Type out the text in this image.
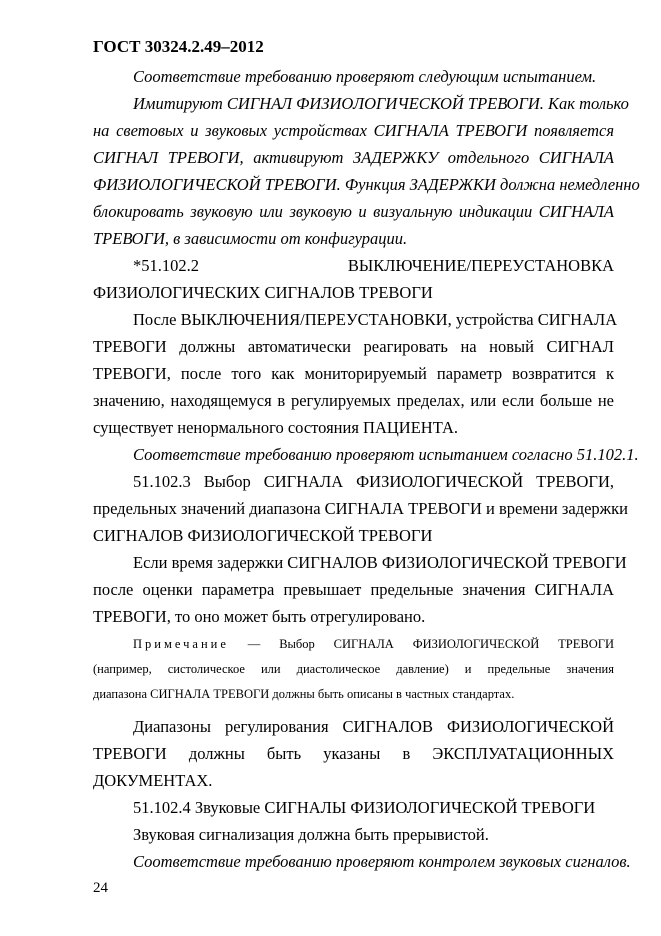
ГОСТ 30324.2.49–2012
Соответствие требованию проверяют следующим испытанием.
Имитируют СИГНАЛ ФИЗИОЛОГИЧЕСКОЙ ТРЕВОГИ. Как только
на световых и звуковых устройствах СИГНАЛА ТРЕВОГИ появляется
СИГНАЛ ТРЕВОГИ, активируют ЗАДЕРЖКУ отдельного СИГНАЛА
ФИЗИОЛОГИЧЕСКОЙ ТРЕВОГИ. Функция ЗАДЕРЖКИ должна немедленно
блокировать звуковую или звуковую и визуальную индикации СИГНАЛА
ТРЕВОГИ, в зависимости от конфигурации.
*51.102.2 ВЫКЛЮЧЕНИЕ/ПЕРЕУСТАНОВКА
ФИЗИОЛОГИЧЕСКИХ СИГНАЛОВ ТРЕВОГИ
После ВЫКЛЮЧЕНИЯ/ПЕРЕУСТАНОВКИ, устройства СИГНАЛА
ТРЕВОГИ должны автоматически реагировать на новый СИГНАЛ
ТРЕВОГИ, после того как мониторируемый параметр возвратится к
значению, находящемуся в регулируемых пределах, или если больше не
существует ненормального состояния ПАЦИЕНТА.
Соответствие требованию проверяют испытанием согласно 51.102.1.
51.102.3 Выбор СИГНАЛА ФИЗИОЛОГИЧЕСКОЙ ТРЕВОГИ,
предельных значений диапазона СИГНАЛА ТРЕВОГИ и времени задержки
СИГНАЛОВ ФИЗИОЛОГИЧЕСКОЙ ТРЕВОГИ
Если время задержки СИГНАЛОВ ФИЗИОЛОГИЧЕСКОЙ ТРЕВОГИ
после оценки параметра превышает предельные значения СИГНАЛА
ТРЕВОГИ, то оно может быть отрегулировано.
Примечание — Выбор СИГНАЛА ФИЗИОЛОГИЧЕСКОЙ ТРЕВОГИ
(например, систолическое или диастолическое давление) и предельные значения
диапазона СИГНАЛА ТРЕВОГИ должны быть описаны в частных стандартах.
Диапазоны регулирования СИГНАЛОВ ФИЗИОЛОГИЧЕСКОЙ
ТРЕВОГИ должны быть указаны в ЭКСПЛУАТАЦИОННЫХ
ДОКУМЕНТАХ.
51.102.4 Звуковые СИГНАЛЫ ФИЗИОЛОГИЧЕСКОЙ ТРЕВОГИ
Звуковая сигнализация должна быть прерывистой.
Соответствие требованию проверяют контролем звуковых сигналов.
24
